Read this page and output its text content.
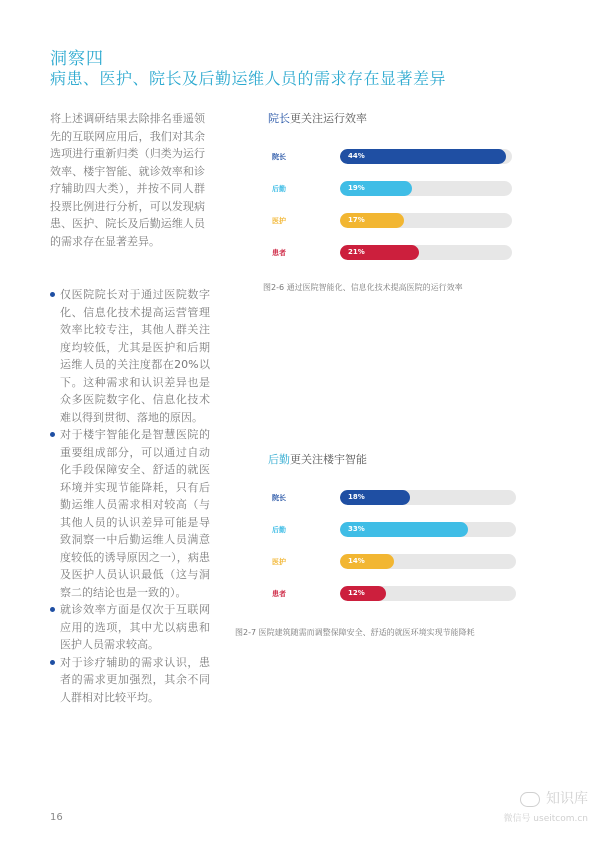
洞察四
病患、医护、院长及后勤运维人员的需求存在显著差异
将上述调研结果去除排名垂遥领先的互联网应用后，我们对其余选项进行重新归类（归类为运行效率、楼宇智能、就诊效率和诊疗辅助四大类），并按不同人群投票比例进行分析，可以发现病患、医护、院长及后勤运维人员的需求存在显著差异。
仅医院院长对于通过医院数字化、信息化技术提高运营管理效率比较专注，其他人群关注度均较低，尤其是医护和后期运维人员的关注度都在20%以下。这种需求和认识差异也是众多医院数字化、信息化技术难以得到贯彻、落地的原因。
对于楼宇智能化是智慧医院的重要组成部分，可以通过自动化手段保障安全、舒适的就医环境并实现节能降耗，只有后勤运维人员需求相对较高（与其他人员的认识差异可能是导致洞察一中后勤运维人员满意度较低的诱导原因之一），病患及医护人员认识最低（这与洞察二的结论也是一致的）。
就诊效率方面是仅次于互联网应用的选项，其中尤以病患和医护人员需求较高。
对于诊疗辅助的需求认识，患者的需求更加强烈，其余不同人群相对比较平均。
院长更关注运行效率
院长	44%
后勤	19%
医护	17%
患者	21%
图2-6 通过医院智能化、信息化技术提高医院的运行效率
后勤更关注楼宇智能
院长	18%
后勤	33%
医护	14%
患者	12%
图2-7 医院建筑随需而调整保障安全、舒适的就医环境实现节能降耗
16
知识库
微信号 useitcom.cn
